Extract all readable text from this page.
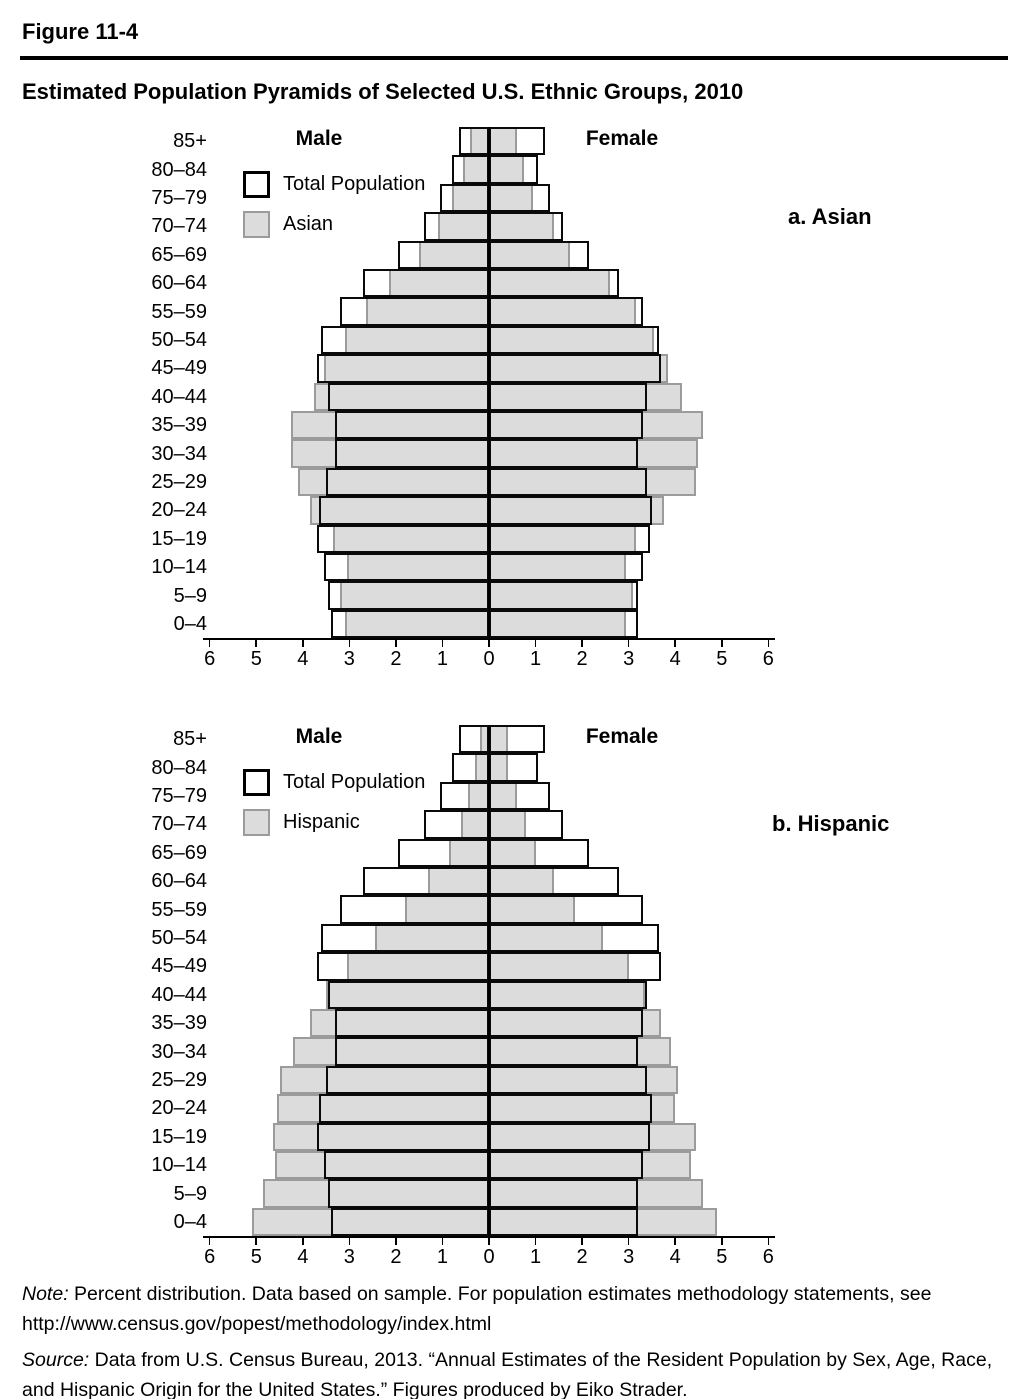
Figure 11-4
Estimated Population Pyramids of Selected U.S. Ethnic Groups, 2010
Male	Female
Total Population
Asian	a. Asian
85+
80–84
75–79
70–74
65–69
60–64
55–59
50–54
45–49
40–44
35–39
30–34
25–29
20–24
15–19
10–14
5–9
0–4
6	5	4	3	2	1	0	1	2	3	4	5	6
Male	Female
Total Population
Hispanic	b. Hispanic
85+
80–84
75–79
70–74
65–69
60–64
55–59
50–54
45–49
40–44
35–39
30–34
25–29
20–24
15–19
10–14
5–9
0–4
6	5	4	3	2	1	0	1	2	3	4	5	6

Note: Percent distribution. Data based on sample. For population estimates methodology statements, see http://www.census.gov/popest/methodology/index.html

Source: Data from U.S. Census Bureau, 2013. “Annual Estimates of the Resident Population by Sex, Age, Race, and Hispanic Origin for the United States.” Figures produced by Eiko Strader.
